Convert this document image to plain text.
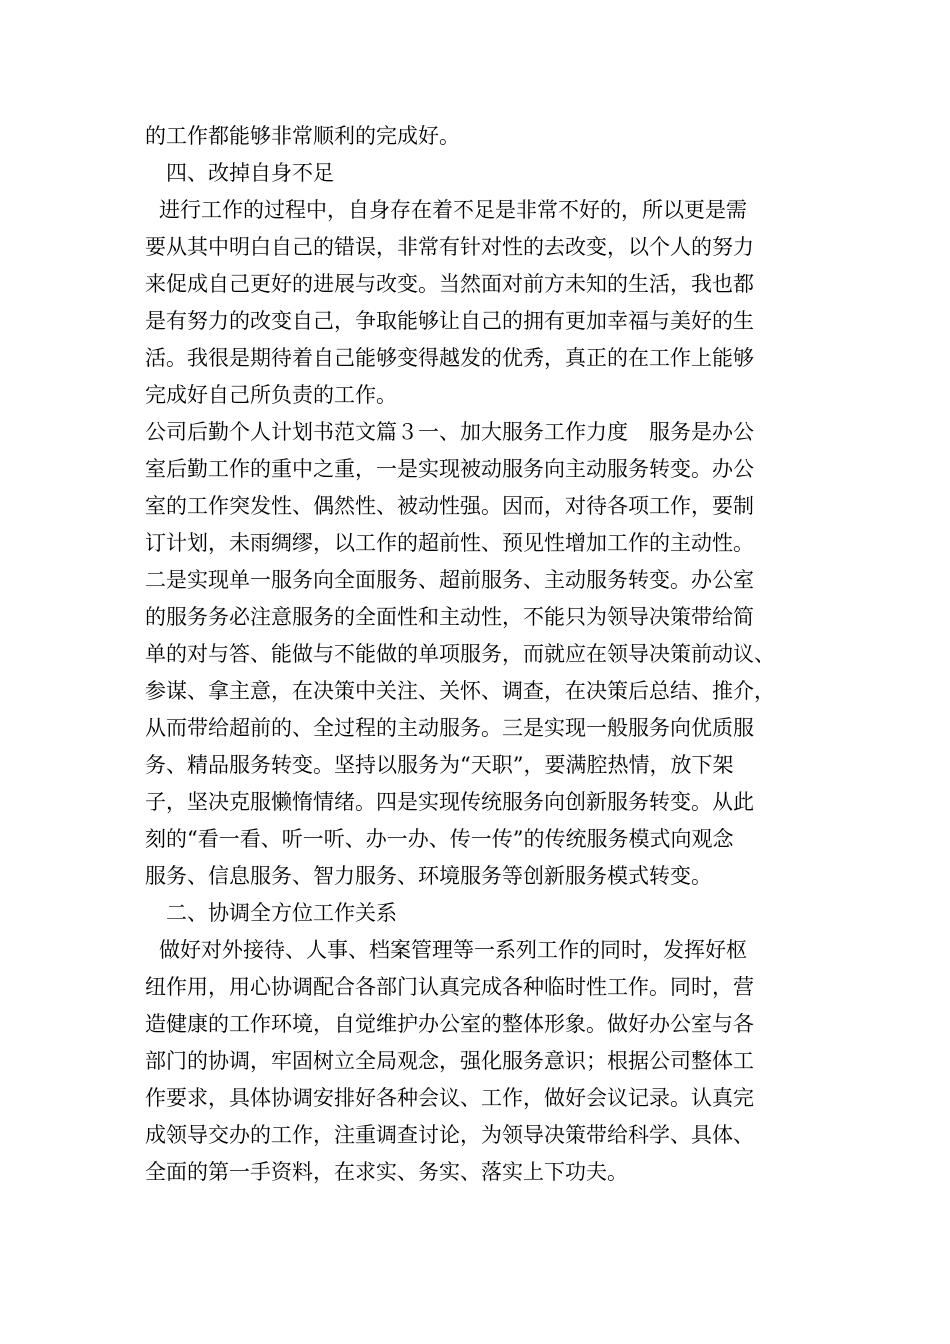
的工作都能够非常顺利的完成好。
四、改掉自身不足
进行工作的过程中，自身存在着不足是非常不好的，所以更是需
要从其中明白自己的错误，非常有针对性的去改变，以个人的努力
来促成自己更好的进展与改变。当然面对前方未知的生活，我也都
是有努力的改变自己，争取能够让自己的拥有更加幸福与美好的生
活。我很是期待着自己能够变得越发的优秀，真正的在工作上能够
完成好自己所负责的工作。
公司后勤个人计划书范文篇３一、加大服务工作力度　服务是办公
室后勤工作的重中之重，一是实现被动服务向主动服务转变。办公
室的工作突发性、偶然性、被动性强。因而，对待各项工作，要制
订计划，未雨绸缪，以工作的超前性、预见性增加工作的主动性。
二是实现单一服务向全面服务、超前服务、主动服务转变。办公室
的服务务必注意服务的全面性和主动性，不能只为领导决策带给简
单的对与答、能做与不能做的单项服务，而就应在领导决策前动议、
参谋、拿主意，在决策中关注、关怀、调查，在决策后总结、推介，
从而带给超前的、全过程的主动服务。三是实现一般服务向优质服
务、精品服务转变。坚持以服务为“天职”，要满腔热情，放下架
子，坚决克服懒惰情绪。四是实现传统服务向创新服务转变。从此
刻的“看一看、听一听、办一办、传一传”的传统服务模式向观念
服务、信息服务、智力服务、环境服务等创新服务模式转变。
二、协调全方位工作关系
做好对外接待、人事、档案管理等一系列工作的同时，发挥好枢
纽作用，用心协调配合各部门认真完成各种临时性工作。同时，营
造健康的工作环境，自觉维护办公室的整体形象。做好办公室与各
部门的协调，牢固树立全局观念，强化服务意识；根据公司整体工
作要求，具体协调安排好各种会议、工作，做好会议记录。认真完
成领导交办的工作，注重调查讨论，为领导决策带给科学、具体、
全面的第一手资料，在求实、务实、落实上下功夫。
